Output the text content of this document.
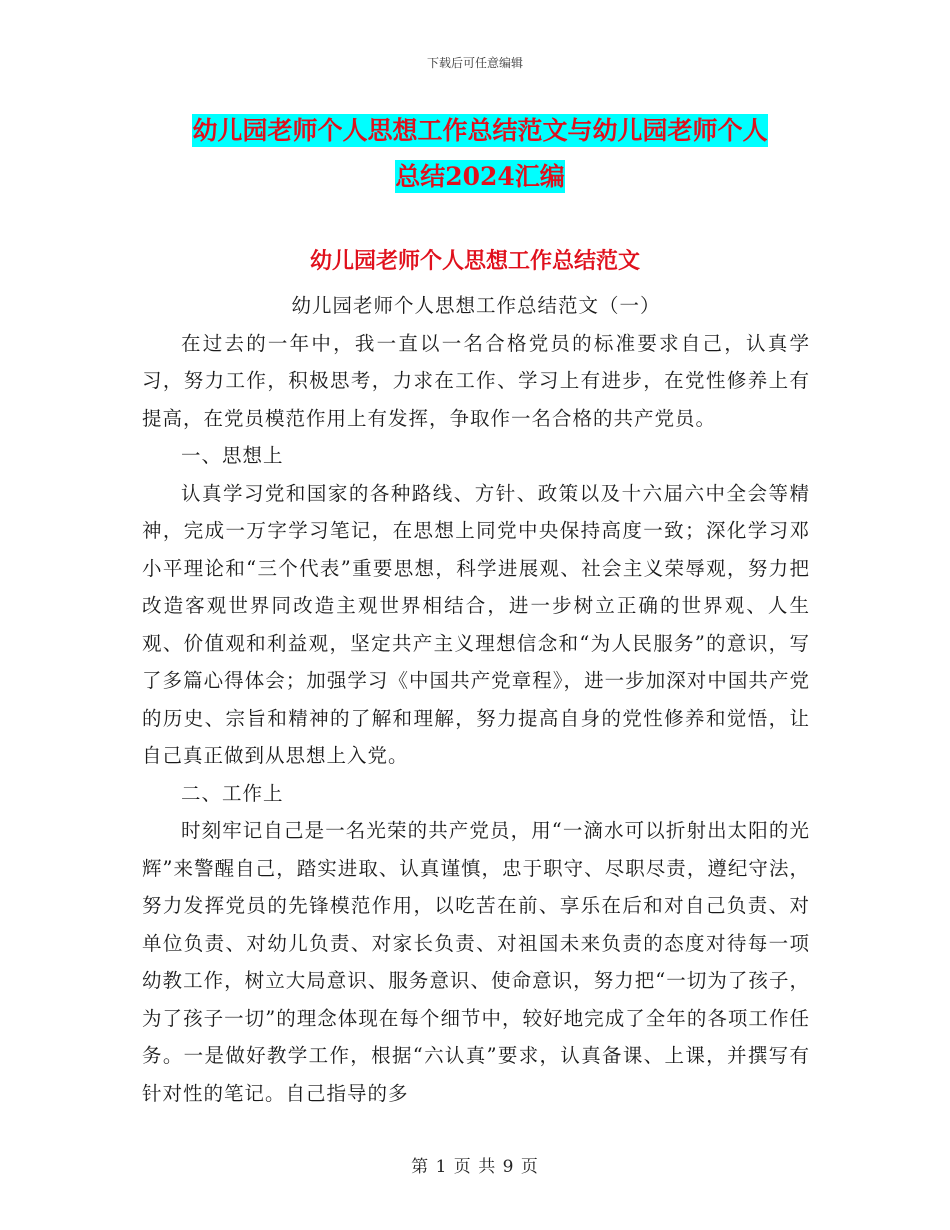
下载后可任意编辑
幼儿园老师个人思想工作总结范文与幼儿园老师个人
总结2024汇编
幼儿园老师个人思想工作总结范文

幼儿园老师个人思想工作总结范文（一）

在过去的一年中，我一直以一名合格党员的标准要求自己，认真学习，努力工作，积极思考，力求在工作、学习上有进步，在党性修养上有提高，在党员模范作用上有发挥，争取作一名合格的共产党员。

一、思想上

认真学习党和国家的各种路线、方针、政策以及十六届六中全会等精神，完成一万字学习笔记，在思想上同党中央保持高度一致；深化学习邓小平理论和“三个代表”重要思想，科学进展观、社会主义荣辱观，努力把改造客观世界同改造主观世界相结合，进一步树立正确的世界观、人生观、价值观和利益观，坚定共产主义理想信念和“为人民服务”的意识，写了多篇心得体会；加强学习《中国共产党章程》，进一步加深对中国共产党的历史、宗旨和精神的了解和理解，努力提高自身的党性修养和觉悟，让自己真正做到从思想上入党。

二、工作上

时刻牢记自己是一名光荣的共产党员，用“一滴水可以折射出太阳的光辉”来警醒自己，踏实进取、认真谨慎，忠于职守、尽职尽责，遵纪守法，努力发挥党员的先锋模范作用，以吃苦在前、享乐在后和对自己负责、对单位负责、对幼儿负责、对家长负责、对祖国未来负责的态度对待每一项幼教工作，树立大局意识、服务意识、使命意识，努力把“一切为了孩子，为了孩子一切”的理念体现在每个细节中，较好地完成了全年的各项工作任务。一是做好教学工作，根据“六认真”要求，认真备课、上课，并撰写有针对性的笔记。自己指导的多

第 1 页 共 9 页
